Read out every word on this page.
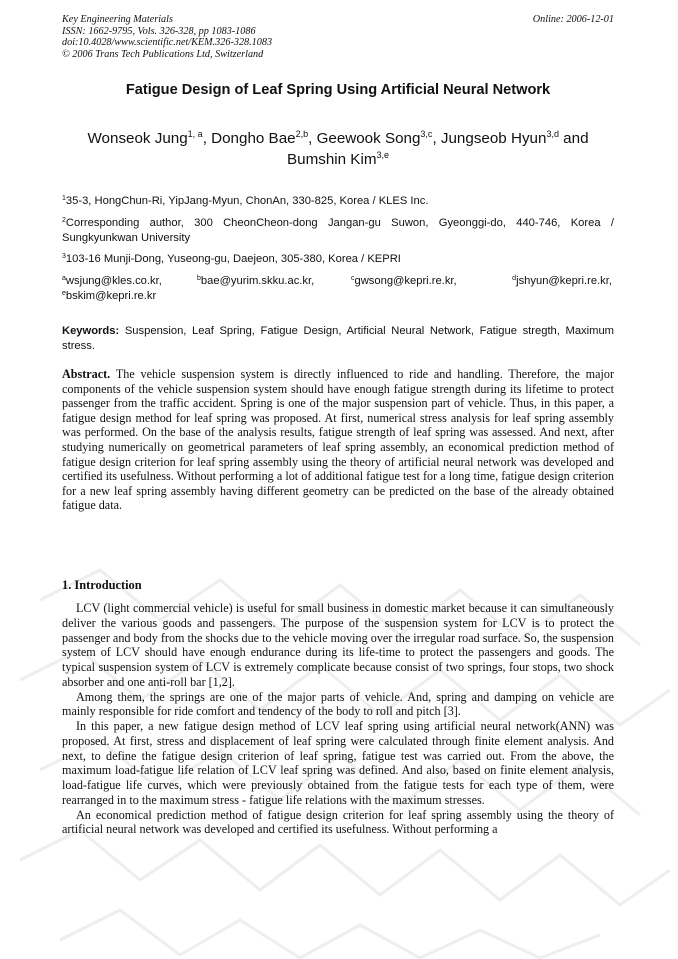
Key Engineering Materials
ISSN: 1662-9795, Vols. 326-328, pp 1083-1086
doi:10.4028/www.scientific.net/KEM.326-328.1083
© 2006 Trans Tech Publications Ltd, Switzerland
Online: 2006-12-01
Fatigue Design of Leaf Spring Using Artificial Neural Network
Wonseok Jung$^{1, a}$, Dongho Bae$^{2,b}$, Geewook Song$^{3,c}$, Jungseob Hyun$^{3,d}$ and
Bumshin Kim$^{3,e}$
$^1$35-3, HongChun-Ri, YipJang-Myun, ChonAn, 330-825, Korea / KLES Inc.
$^2$Corresponding author, 300 CheonCheon-dong Jangan-gu Suwon, Gyeonggi-do, 440-746, Korea / Sungkyunkwan University
$^3$103-16 Munji-Dong, Yuseong-gu, Daejeon, 305-380, Korea / KEPRI
$^a$wsjung@kles.co.kr,	$^b$bae@yurim.skku.ac.kr,	$^c$gwsong@kepri.re.kr,	$^d$jshyun@kepri.re.kr,
$^e$bskim@kepri.re.kr
Keywords: Suspension, Leaf Spring, Fatigue Design, Artificial Neural Network, Fatigue stregth, Maximum stress.
Abstract. The vehicle suspension system is directly influenced to ride and handling. Therefore, the major components of the vehicle suspension system should have enough fatigue strength during its lifetime to protect passenger from the traffic accident. Spring is one of the major suspension part of vehicle. Thus, in this paper, a fatigue design method for leaf spring was proposed. At first, numerical stress analysis for leaf spring assembly was performed. On the base of the analysis results, fatigue strength of leaf spring was assessed. And next, after studying numerically on geometrical parameters of leaf spring assembly, an economical prediction method of fatigue design criterion for leaf spring assembly using the theory of artificial neural network was developed and certified its usefulness. Without performing a lot of additional fatigue test for a long time, fatigue design criterion for a new leaf spring assembly having different geometry can be predicted on the base of the already obtained fatigue data.
1. Introduction

LCV (light commercial vehicle) is useful for small business in domestic market because it can simultaneously deliver the various goods and passengers. The purpose of the suspension system for LCV is to protect the passenger and body from the shocks due to the vehicle moving over the irregular road surface. So, the suspension system of LCV should have enough endurance during its life-time to protect the passengers and goods. The typical suspension system of LCV is extremely complicate because consist of two springs, four stops, two shock absorber and one anti-roll bar [1,2].

Among them, the springs are one of the major parts of vehicle. And, spring and damping on vehicle are mainly responsible for ride comfort and tendency of the body to roll and pitch [3].

In this paper, a new fatigue design method of LCV leaf spring using artificial neural network(ANN) was proposed. At first, stress and displacement of leaf spring were calculated through finite element analysis. And next, to define the fatigue design criterion of leaf spring, fatigue test was carried out. From the above, the maximum load-fatigue life relation of LCV leaf spring was defined. And also, based on finite element analysis, load-fatigue life curves, which were previously obtained from the fatigue tests for each type of them, were rearranged in to the maximum stress - fatigue life relations with the maximum stresses.

An economical prediction method of fatigue design criterion for leaf spring assembly using the theory of artificial neural network was developed and certified its usefulness. Without performing a
